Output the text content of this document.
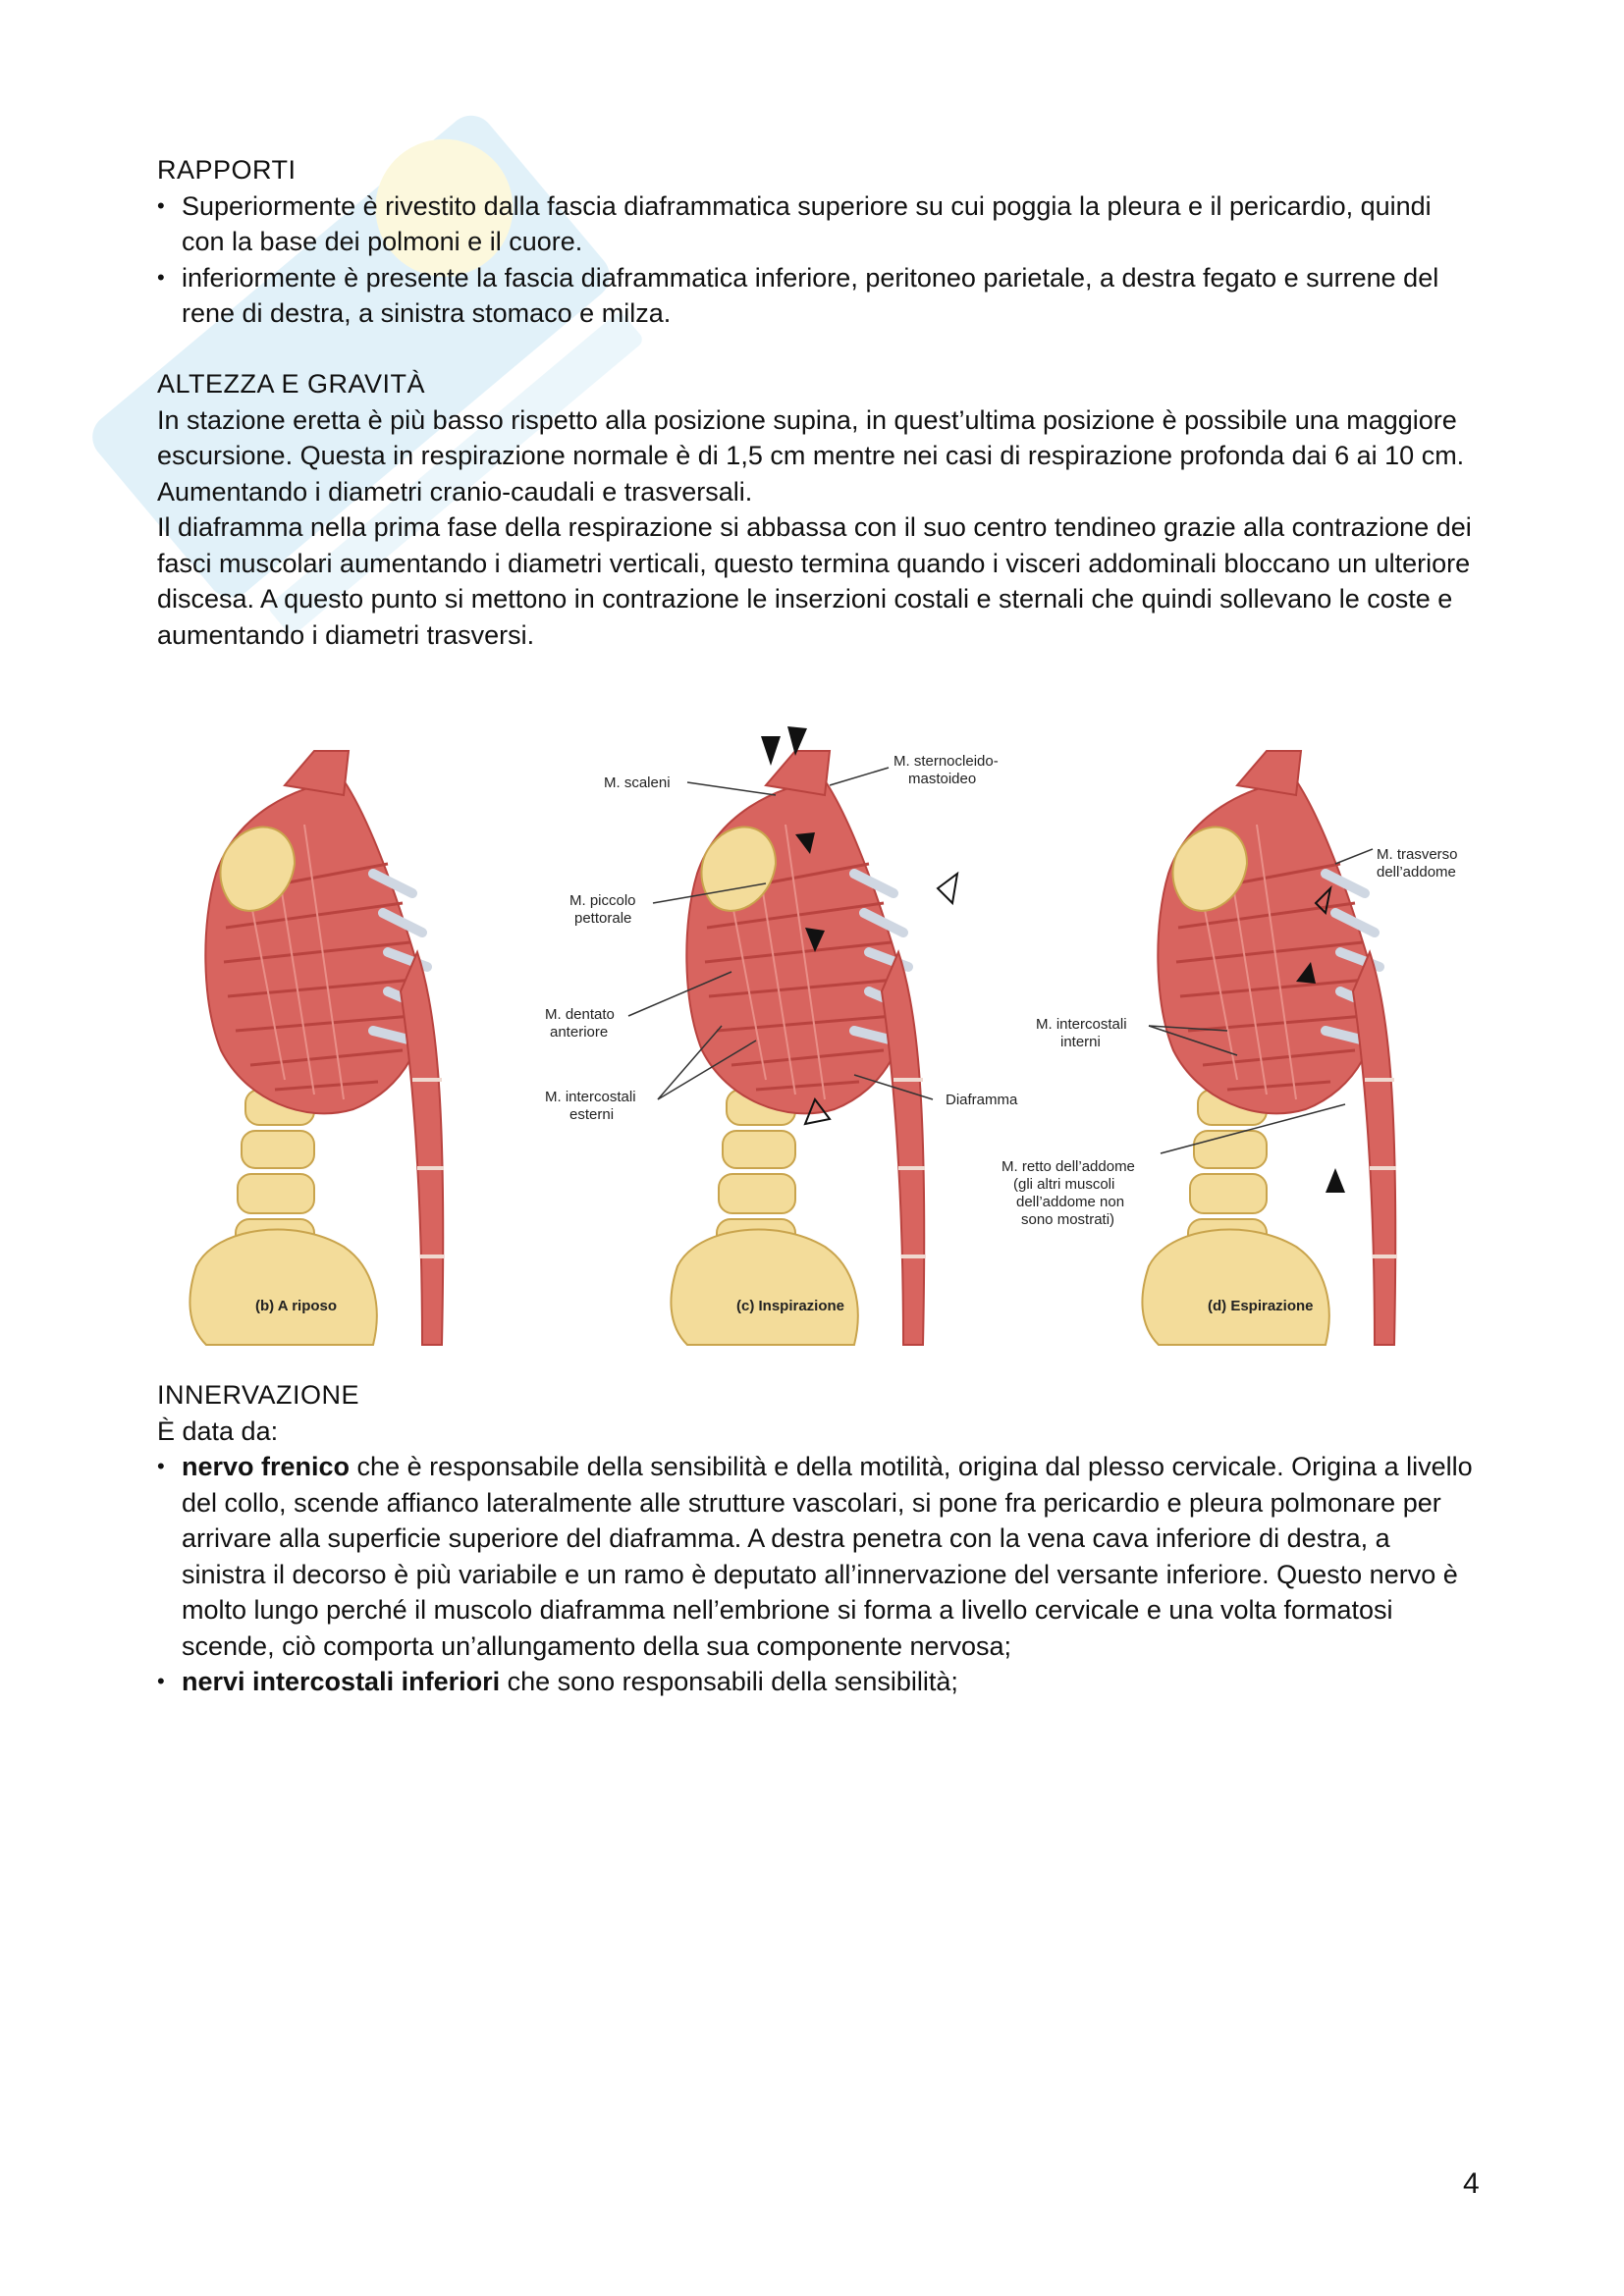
RAPPORTI
• Superiormente è rivestito dalla fascia diaframmatica superiore su cui poggia la pleura e il pericardio, quindi con la base dei polmoni e il cuore.
• inferiormente è presente la fascia diaframmatica inferiore, peritoneo parietale, a destra fegato e surrene del rene di destra, a sinistra stomaco e milza.
ALTEZZA E GRAVITÀ

In stazione eretta è più basso rispetto alla posizione supina, in quest’ultima posizione è possibile una maggiore escursione. Questa in respirazione normale è di 1,5 cm mentre nei casi di respirazione profonda dai 6 ai 10 cm. Aumentando i diametri cranio-caudali e trasversali.

Il diaframma nella prima fase della respirazione si abbassa con il suo centro tendineo grazie alla contrazione dei fasci muscolari aumentando i diametri verticali, questo termina quando i visceri addominali bloccano un ulteriore discesa. A questo punto si mettono in contrazione le inserzioni costali e sternali che quindi sollevano le coste e aumentando i diametri trasversi.

M. scaleni
M. sternocleido-
mastoideo
M. piccolo
pettorale
M. dentato
anteriore
M. intercostali
esterni
Diaframma
M. trasverso
dell’addome
M. intercostali
interni
M. retto dell’addome
(gli altri muscoli
dell’addome non
sono mostrati)
(b) A riposo	(c) Inspirazione	(d) Espirazione
INNERVAZIONE

È data da:

• nervo frenico che è responsabile della sensibilità e della motilità, origina dal plesso cervicale. Origina a livello del collo, scende affianco lateralmente alle strutture vascolari, si pone fra pericardio e pleura polmonare per arrivare alla superficie superiore del diaframma. A destra penetra con la vena cava inferiore di destra, a sinistra il decorso è più variabile e un ramo è deputato all’innervazione del versante inferiore. Questo nervo è molto lungo perché il muscolo diaframma nell’embrione si forma a livello cervicale e una volta formatosi scende, ciò comporta un’allungamento della sua componente nervosa;
• nervi intercostali inferiori che sono responsabili della sensibilità;
4
